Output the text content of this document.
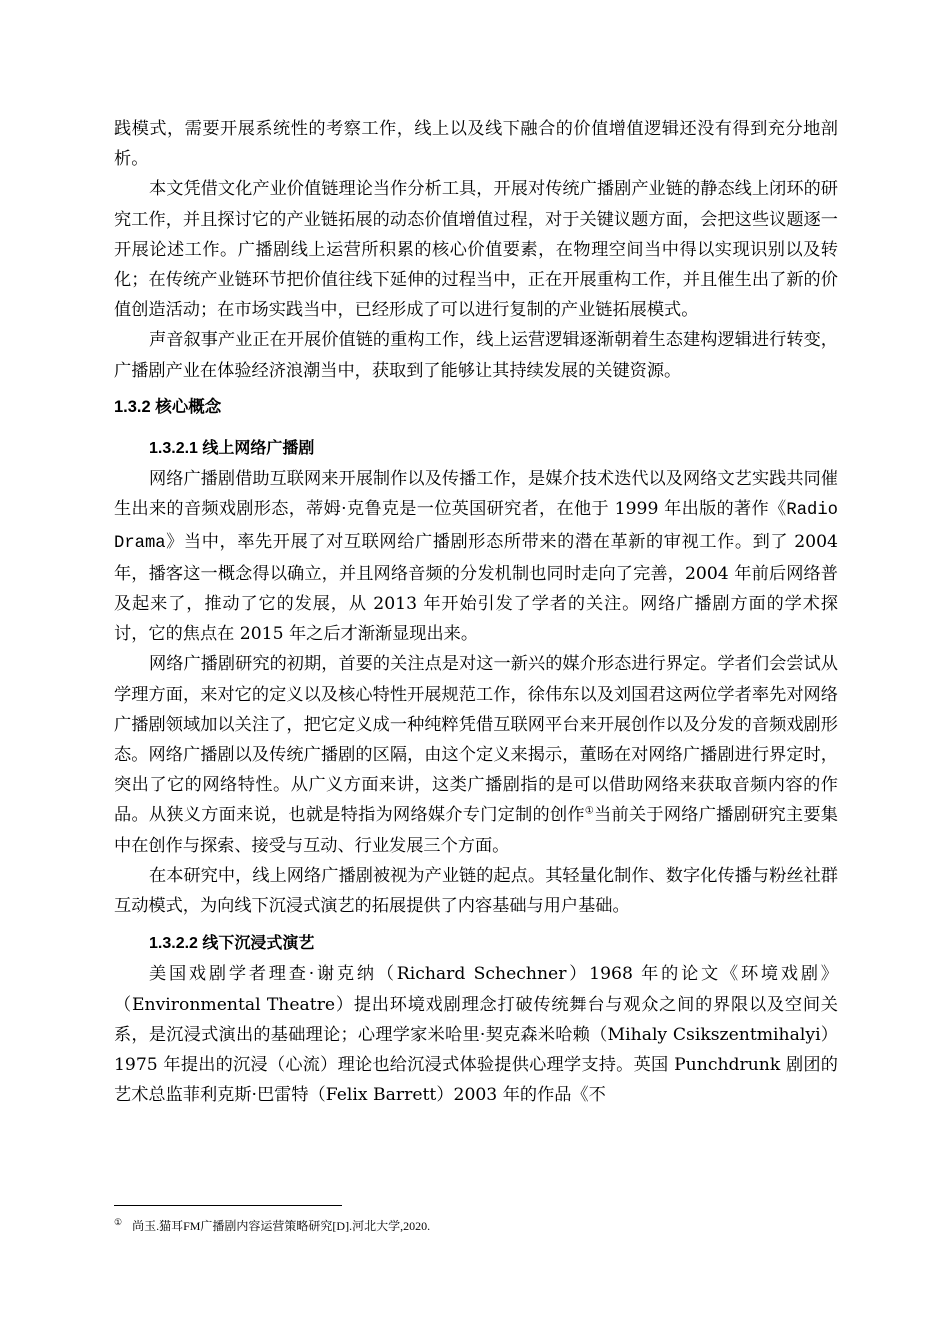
践模式，需要开展系统性的考察工作，线上以及线下融合的价值增值逻辑还没有得到充分地剖析。

本文凭借文化产业价值链理论当作分析工具，开展对传统广播剧产业链的静态线上闭环的研究工作，并且探讨它的产业链拓展的动态价值增值过程，对于关键议题方面，会把这些议题逐一开展论述工作。广播剧线上运营所积累的核心价值要素，在物理空间当中得以实现识别以及转化；在传统产业链环节把价值往线下延伸的过程当中，正在开展重构工作，并且催生出了新的价值创造活动；在市场实践当中，已经形成了可以进行复制的产业链拓展模式。

声音叙事产业正在开展价值链的重构工作，线上运营逻辑逐渐朝着生态建构逻辑进行转变，广播剧产业在体验经济浪潮当中，获取到了能够让其持续发展的关键资源。

1.3.2 核心概念
1.3.2.1 线上网络广播剧

网络广播剧借助互联网来开展制作以及传播工作，是媒介技术迭代以及网络文艺实践共同催生出来的音频戏剧形态，蒂姆·克鲁克是一位英国研究者，在他于 1999 年出版的著作《Radio Drama》当中，率先开展了对互联网给广播剧形态所带来的潜在革新的审视工作。到了 2004 年，播客这一概念得以确立，并且网络音频的分发机制也同时走向了完善，2004 年前后网络普及起来了，推动了它的发展，从 2013 年开始引发了学者的关注。网络广播剧方面的学术探讨，它的焦点在 2015 年之后才渐渐显现出来。

网络广播剧研究的初期，首要的关注点是对这一新兴的媒介形态进行界定。学者们会尝试从学理方面，来对它的定义以及核心特性开展规范工作，徐伟东以及刘国君这两位学者率先对网络广播剧领域加以关注了，把它定义成一种纯粹凭借互联网平台来开展创作以及分发的音频戏剧形态。网络广播剧以及传统广播剧的区隔，由这个定义来揭示，董旸在对网络广播剧进行界定时，突出了它的网络特性。从广义方面来讲，这类广播剧指的是可以借助网络来获取音频内容的作品。从狭义方面来说，也就是特指为网络媒介专门定制的创作①当前关于网络广播剧研究主要集中在创作与探索、接受与互动、行业发展三个方面。

在本研究中，线上网络广播剧被视为产业链的起点。其轻量化制作、数字化传播与粉丝社群互动模式，为向线下沉浸式演艺的拓展提供了内容基础与用户基础。

1.3.2.2 线下沉浸式演艺

美国戏剧学者理查·谢克纳（Richard Schechner）1968 年的论文《环境戏剧》（Environmental Theatre）提出环境戏剧理念打破传统舞台与观众之间的界限以及空间关系，是沉浸式演出的基础理论；心理学家米哈里·契克森米哈赖（Mihaly Csikszentmihalyi）1975 年提出的沉浸（心流）理论也给沉浸式体验提供心理学支持。英国 Punchdrunk 剧团的艺术总监菲利克斯·巴雷特（Felix Barrett）2003 年的作品《不

① 尚玉.猫耳FM广播剧内容运营策略研究[D].河北大学,2020.
